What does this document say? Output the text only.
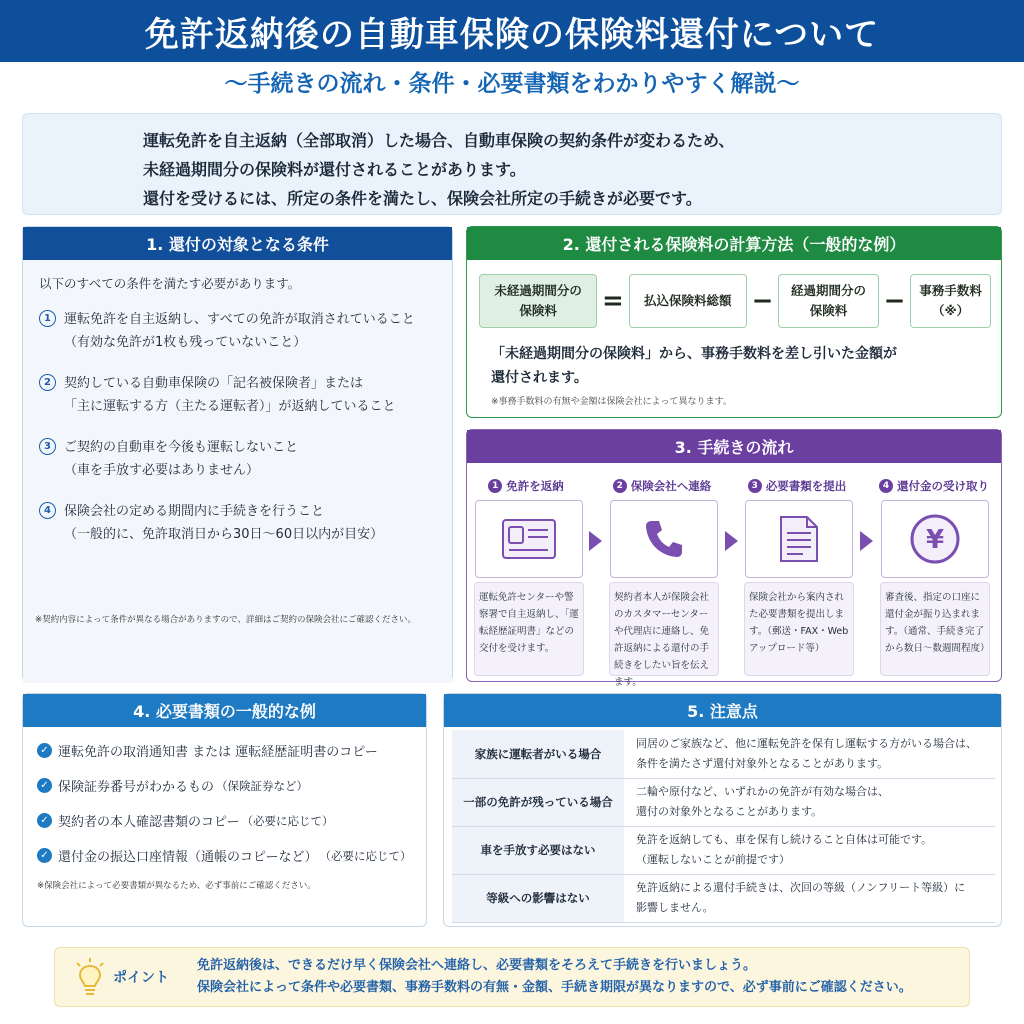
免許返納後の自動車保険の保険料還付について
〜手続きの流れ・条件・必要書類をわかりやすく解説〜

運転免許を自主返納（全部取消）した場合、自動車保険の契約条件が変わるため、

未経過期間分の保険料が還付されることがあります。

還付を受けるには、所定の条件を満たし、保険会社所定の手続きが必要です。

1. 還付の対象となる条件
以下のすべての条件を満たす必要があります。
1	運転免許を自主返納し、すべての免許が取消されていること
（有効な免許が1枚も残っていないこと）
2	契約している自動車保険の「記名被保険者」または
「主に運転する方（主たる運転者）」が返納していること
3	ご契約の自動車を今後も運転しないこと
（車を手放す必要はありません）
4	保険会社の定める期間内に手続きを行うこと
（一般的に、免許取消日から30日〜60日以内が目安）
※契約内容によって条件が異なる場合がありますので、詳細はご契約の保険会社にご確認ください。
2. 還付される保険料の計算方法（一般的な例）
未経過期間分の
保険料	=	払込保険料総額 −	経過期間分の
保険料	−	事務手数料
（※）
「未経過期間分の保険料」から、事務手数料を差し引いた金額が
還付されます。
※事務手数料の有無や金額は保険会社によって異なります。
3. 手続きの流れ
1 免許を返納	2 保険会社へ連絡	3 必要書類を提出	4 還付金の受け取り
¥
運転免許センターや警察署で自主返納し、「運転経歴証明書」などの交付を受けます。
契約者本人が保険会社のカスタマーセンターや代理店に連絡し、免許返納による還付の手続きをしたい旨を伝えます。
保険会社から案内された必要書類を提出します。（郵送・FAX・Webアップロード等）
審査後、指定の口座に還付金が振り込まれます。（通常、手続き完了から数日〜数週間程度）
4. 必要書類の一般的な例
✓ 運転免許の取消通知書 または 運転経歴証明書のコピー
✓ 保険証券番号がわかるもの （保険証券など）
✓ 契約者の本人確認書類のコピー （必要に応じて）
✓ 還付金の振込口座情報（通帳のコピーなど） （必要に応じて）
※保険会社によって必要書類が異なるため、必ず事前にご確認ください。
5. 注意点
家族に運転者がいる場合	同居のご家族など、他に運転免許を保有し運転する方がいる場合は、
条件を満たさず還付対象外となることがあります。

一部の免許が残っている場合	二輪や原付など、いずれかの免許が有効な場合は、
還付の対象外となることがあります。

車を手放す必要はない	免許を返納しても、車を保有し続けること自体は可能です。
（運転しないことが前提です）

等級への影響はない	免許返納による還付手続きは、次回の等級（ノンフリート等級）に
影響しません。
ポイント
免許返納後は、できるだけ早く保険会社へ連絡し、必要書類をそろえて手続きを行いましょう。
保険会社によって条件や必要書類、事務手数料の有無・金額、手続き期限が異なりますので、必ず事前にご確認ください。
